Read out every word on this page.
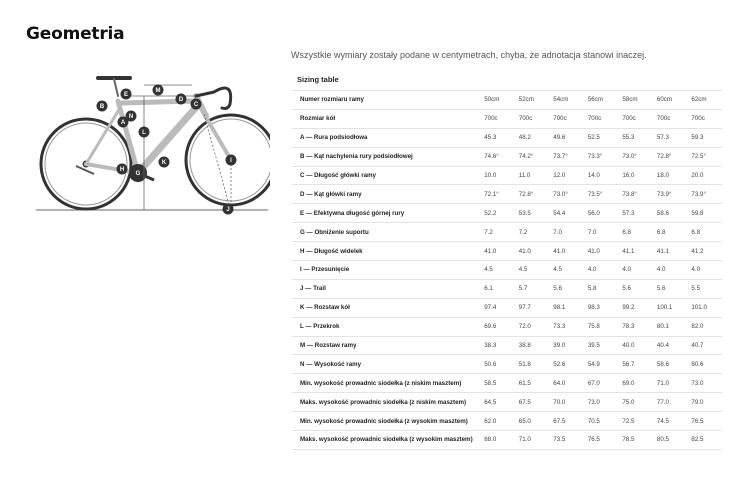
Geometria
A
B	C
D
E
G
H
I
J
K
L
M
N
Wszystkie wymiary zostały podane w centymetrach, chyba, że adnotacja stanowi inaczej.
Sizing table
Numer rozmiaru ramy	50cm	52cm	54cm	56cm	58cm	60cm	62cm
Rozmiar kół	700c	700c	700c	700c	700c	700c	700c
A — Rura podsiodłowa	45.3	48.2	49.6	52.5	55.3	57.3	59.3
B — Kąt nachylenia rury podsiodłowej	74.6°	74.2°	73.7°	73.3°	73.0°	72.8°	72.5°
C — Długość główki ramy	10.0	11.0	12.0	14.0	16.0	18.0	20.0
D — Kąt główki ramy	72.1°	72.8°	73.0°	73.5°	73.8°	73.9°	73.9°
E — Efektywna długość górnej rury	52.2	53.5	54.4	56.0	57.3	58.6	59.8
G — Obniżenie suportu	7.2	7.2	7.0	7.0	6.8	6.8	6.8
H — Długość widelek	41.0	41.0	41.0	41.0	41.1	41.1	41.2
I — Przesunięcie	4.5	4.5	4.5	4.0	4.0	4.0	4.0
J — Trail	6.1	5.7	5.6	5.8	5.6	5.6	5.5
K — Rozstaw kół	97.4	97.7	98.1	98.3	99.2	100.1	101.0
L — Przekrok	69.6	72.0	73.3	75.8	78.3	80.1	82.0
M — Rozstaw ramy	38.3	38.8	39.0	39.5	40.0	40.4	40.7
N — Wysokość ramy	50.6	51.8	52.6	54.9	56.7	58.6	60.6
Min. wysokość prowadnic siodełka (z niskim masztem)	58.5	61.5	64.0	67.0	69.0	71.0	73.0
Maks. wysokość prowadnic siodełka (z niskim masztem)	64.5	67.5	70.0	73.0	75.0	77.0	79.0
Min. wysokość prowadnic siodełka (z wysokim masztem)	62.0	65.0	67.5	70.5	72.5	74.5	76.5
Maks. wysokość prowadnic siodełka (z wysokim masztem)	68.0	71.0	73.5	76.5	78.5	80.5	82.5
